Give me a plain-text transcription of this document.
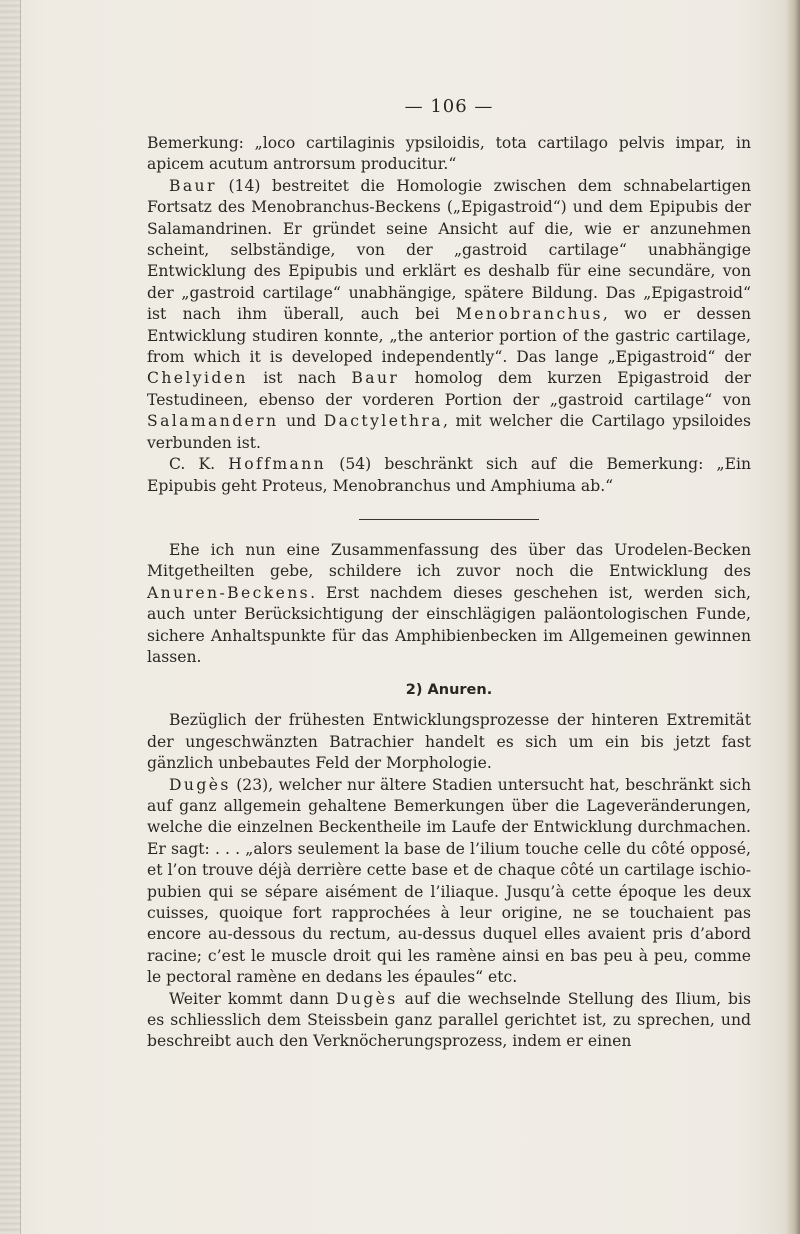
— 106 —

Bemerkung: „loco cartilaginis ypsiloidis, tota cartilago pelvis impar, in apicem acutum antrorsum producitur.“

Baur (14) bestreitet die Homologie zwischen dem schnabelartigen Fortsatz des Menobranchus-Beckens („Epigastroid“) und dem Epipubis der Salamandrinen. Er gründet seine Ansicht auf die, wie er anzunehmen scheint, selbständige, von der „gastroid cartilage“ unabhängige Entwicklung des Epipubis und erklärt es deshalb für eine secundäre, von der „gastroid cartilage“ unabhängige, spätere Bildung. Das „Epigastroid“ ist nach ihm überall, auch bei Menobranchus, wo er dessen Entwicklung studiren konnte, „the anterior portion of the gastric cartilage, from which it is developed independently“. Das lange „Epigastroid“ der Chelyiden ist nach Baur homolog dem kurzen Epigastroid der Testudineen, ebenso der vorderen Portion der „gastroid cartilage“ von Salamandern und Dactylethra, mit welcher die Cartilago ypsiloides verbunden ist.

C. K. Hoffmann (54) beschränkt sich auf die Bemerkung: „Ein Epipubis geht Proteus, Menobranchus und Amphiuma ab.“

Ehe ich nun eine Zusammenfassung des über das Urodelen-Becken Mitgetheilten gebe, schildere ich zuvor noch die Entwicklung des Anuren-Beckens. Erst nachdem dieses geschehen ist, werden sich, auch unter Berücksichtigung der einschlägigen paläontologischen Funde, sichere Anhaltspunkte für das Amphibienbecken im Allgemeinen gewinnen lassen.

2) Anuren.

Bezüglich der frühesten Entwicklungsprozesse der hinteren Extremität der ungeschwänzten Batrachier handelt es sich um ein bis jetzt fast gänzlich unbebautes Feld der Morphologie.

Dugès (23), welcher nur ältere Stadien untersucht hat, beschränkt sich auf ganz allgemein gehaltene Bemerkungen über die Lageveränderungen, welche die einzelnen Beckentheile im Laufe der Entwicklung durchmachen. Er sagt: . . . „alors seulement la base de l’ilium touche celle du côté opposé, et l’on trouve déjà derrière cette base et de chaque côté un cartilage ischio-pubien qui se sépare aisément de l’iliaque. Jusqu’à cette époque les deux cuisses, quoique fort rapprochées à leur origine, ne se touchaient pas encore au-dessous du rectum, au-dessus duquel elles avaient pris d’abord racine; c’est le muscle droit qui les ramène ainsi en bas peu à peu, comme le pectoral ramène en dedans les épaules“ etc.

Weiter kommt dann Dugès auf die wechselnde Stellung des Ilium, bis es schliesslich dem Steissbein ganz parallel gerichtet ist, zu sprechen, und beschreibt auch den Verknöcherungsprozess, indem er einen
